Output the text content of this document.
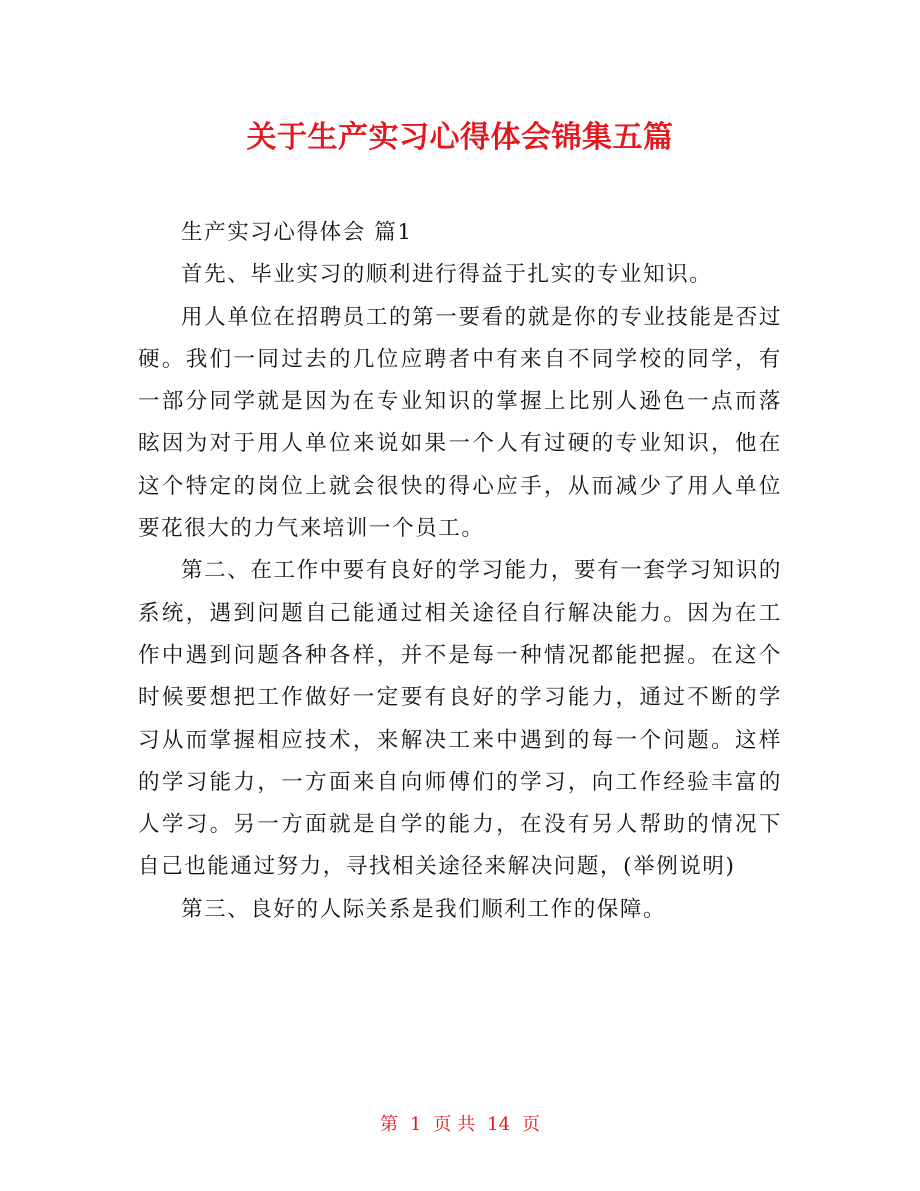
关于生产实习心得体会锦集五篇

生产实习心得体会 篇1

首先、毕业实习的顺利进行得益于扎实的专业知识。

用人单位在招聘员工的第一要看的就是你的专业技能是否过硬。我们一同过去的几位应聘者中有来自不同学校的同学，有一部分同学就是因为在专业知识的掌握上比别人逊色一点而落眩因为对于用人单位来说如果一个人有过硬的专业知识，他在这个特定的岗位上就会很快的得心应手，从而减少了用人单位要花很大的力气来培训一个员工。

第二、在工作中要有良好的学习能力，要有一套学习知识的系统，遇到问题自己能通过相关途径自行解决能力。因为在工作中遇到问题各种各样，并不是每一种情况都能把握。在这个时候要想把工作做好一定要有良好的学习能力，通过不断的学习从而掌握相应技术，来解决工来中遇到的每一个问题。这样的学习能力，一方面来自向师傅们的学习，向工作经验丰富的人学习。另一方面就是自学的能力，在没有另人帮助的情况下自己也能通过努力，寻找相关途径来解决问题，(举例说明)

第三、良好的人际关系是我们顺利工作的保障。

第 1 页 共 14 页
